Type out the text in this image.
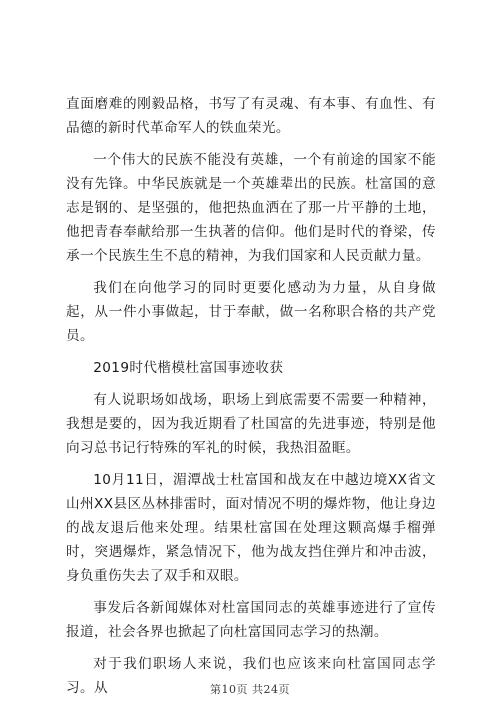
直面磨难的刚毅品格，书写了有灵魂、有本事、有血性、有品德的新时代革命军人的铁血荣光。

一个伟大的民族不能没有英雄，一个有前途的国家不能没有先锋。中华民族就是一个英雄辈出的民族。杜富国的意志是钢的、是坚强的，他把热血洒在了那一片平静的土地，他把青春奉献给那一生执著的信仰。他们是时代的脊梁，传承一个民族生生不息的精神，为我们国家和人民贡献力量。

我们在向他学习的同时更要化感动为力量，从自身做起，从一件小事做起，甘于奉献，做一名称职合格的共产党员。

2019时代楷模杜富国事迹收获

有人说职场如战场，职场上到底需要不需要一种精神，我想是要的，因为我近期看了杜国富的先进事迹，特别是他向习总书记行特殊的军礼的时候，我热泪盈眶。

10月11日，湄潭战士杜富国和战友在中越边境XX省文山州XX县区丛林排雷时，面对情况不明的爆炸物，他让身边的战友退后他来处理。结果杜富国在处理这颗高爆手榴弹时，突遇爆炸，紧急情况下，他为战友挡住弹片和冲击波，身负重伤失去了双手和双眼。

事发后各新闻媒体对杜富国同志的英雄事迹进行了宣传报道，社会各界也掀起了向杜富国同志学习的热潮。

对于我们职场人来说，我们也应该来向杜富国同志学习。从	第10页 共24页
